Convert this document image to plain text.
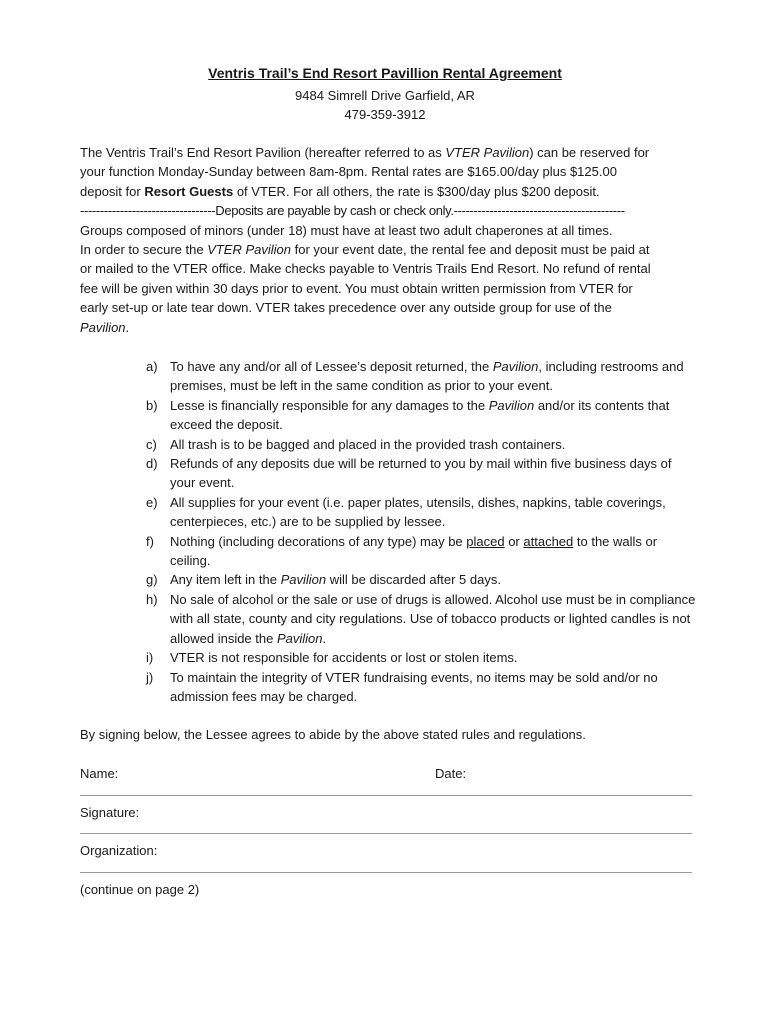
Ventris Trail’s End Resort Pavillion Rental Agreement
9484 Simrell Drive Garfield, AR
479-359-3912
The Ventris Trail’s End Resort Pavilion (hereafter referred to as VTER Pavilion) can be reserved for
your function Monday-Sunday between 8am-8pm. Rental rates are $165.00/day plus $125.00
deposit for Resort Guests of VTER. For all others, the rate is $300/day plus $200 deposit.
----------------------------------Deposits are payable by cash or check only.-------------------------------------------
Groups composed of minors (under 18) must have at least two adult chaperones at all times.
In order to secure the VTER Pavilion for your event date, the rental fee and deposit must be paid at
or mailed to the VTER office. Make checks payable to Ventris Trails End Resort. No refund of rental
fee will be given within 30 days prior to event. You must obtain written permission from VTER for
early set-up or late tear down. VTER takes precedence over any outside group for use of the
Pavilion.
a) To have any and/or all of Lessee’s deposit returned, the Pavilion, including restrooms and premises, must be left in the same condition as prior to your event.
b) Lesse is financially responsible for any damages to the Pavilion and/or its contents that exceed the deposit.
c) All trash is to be bagged and placed in the provided trash containers.
d) Refunds of any deposits due will be returned to you by mail within five business days of your event.
e) All supplies for your event (i.e. paper plates, utensils, dishes, napkins, table coverings, centerpieces, etc.) are to be supplied by lessee.
f) Nothing (including decorations of any type) may be placed or attached to the walls or ceiling.
g) Any item left in the Pavilion will be discarded after 5 days.
h) No sale of alcohol or the sale or use of drugs is allowed. Alcohol use must be in compliance with all state, county and city regulations. Use of tobacco products or lighted candles is not allowed inside the Pavilion.
i) VTER is not responsible for accidents or lost or stolen items.
j) To maintain the integrity of VTER fundraising events, no items may be sold and/or no admission fees may be charged.
By signing below, the Lessee agrees to abide by the above stated rules and regulations.
Name:	Date:
Signature:
Organization:
(continue on page 2)
